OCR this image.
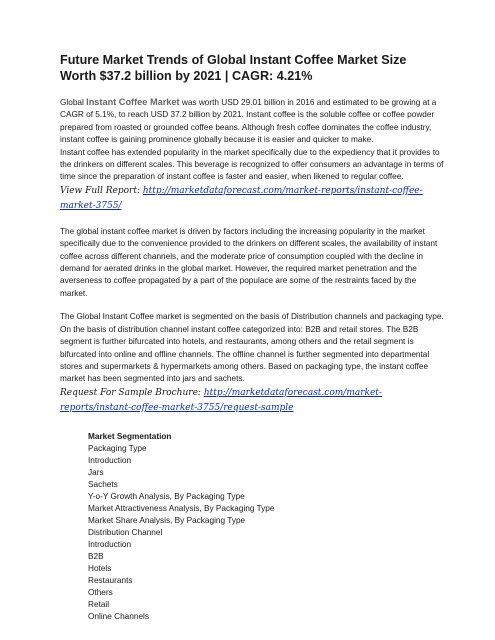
Future Market Trends of Global Instant Coffee Market Size Worth $37.2 billion by 2021 | CAGR: 4.21%

Global Instant Coffee Market was worth USD 29.01 billion in 2016 and estimated to be growing at a CAGR of 5.1%, to reach USD 37.2 billion by 2021. Instant coffee is the soluble coffee or coffee powder prepared from roasted or grounded coffee beans. Although fresh coffee dominates the coffee industry, instant coffee is gaining prominence globally because it is easier and quicker to make.

Instant coffee has extended popularity in the market specifically due to the expediency that it provides to the drinkers on different scales. This beverage is recognized to offer consumers an advantage in terms of time since the preparation of instant coffee is faster and easier, when likened to regular coffee.

View Full Report: http://marketdataforecast.com/market-reports/instant-coffee-market-3755/

The global instant coffee market is driven by factors including the increasing popularity in the market specifically due to the convenience provided to the drinkers on different scales, the availability of instant coffee across different channels, and the moderate price of consumption coupled with the decline in demand for aerated drinks in the global market. However, the required market penetration and the averseness to coffee propagated by a part of the populace are some of the restraints faced by the market.

The Global Instant Coffee market is segmented on the basis of Distribution channels and packaging type. On the basis of distribution channel instant coffee categorized into: B2B and retail stores. The B2B segment is further bifurcated into hotels, and restaurants, among others and the retail segment is bifurcated into online and offline channels. The offline channel is further segmented into departmental stores and supermarkets & hypermarkets among others. Based on packaging type, the instant coffee market has been segmented into jars and sachets.

Request For Sample Brochure: http://marketdataforecast.com/market-reports/instant-coffee-market-3755/request-sample
Market Segmentation
Packaging Type
Introduction
Jars
Sachets
Y-o-Y Growth Analysis, By Packaging Type
Market Attractiveness Analysis, By Packaging Type
Market Share Analysis, By Packaging Type
Distribution Channel
Introduction
B2B
Hotels
Restaurants
Others
Retail
Online Channels
